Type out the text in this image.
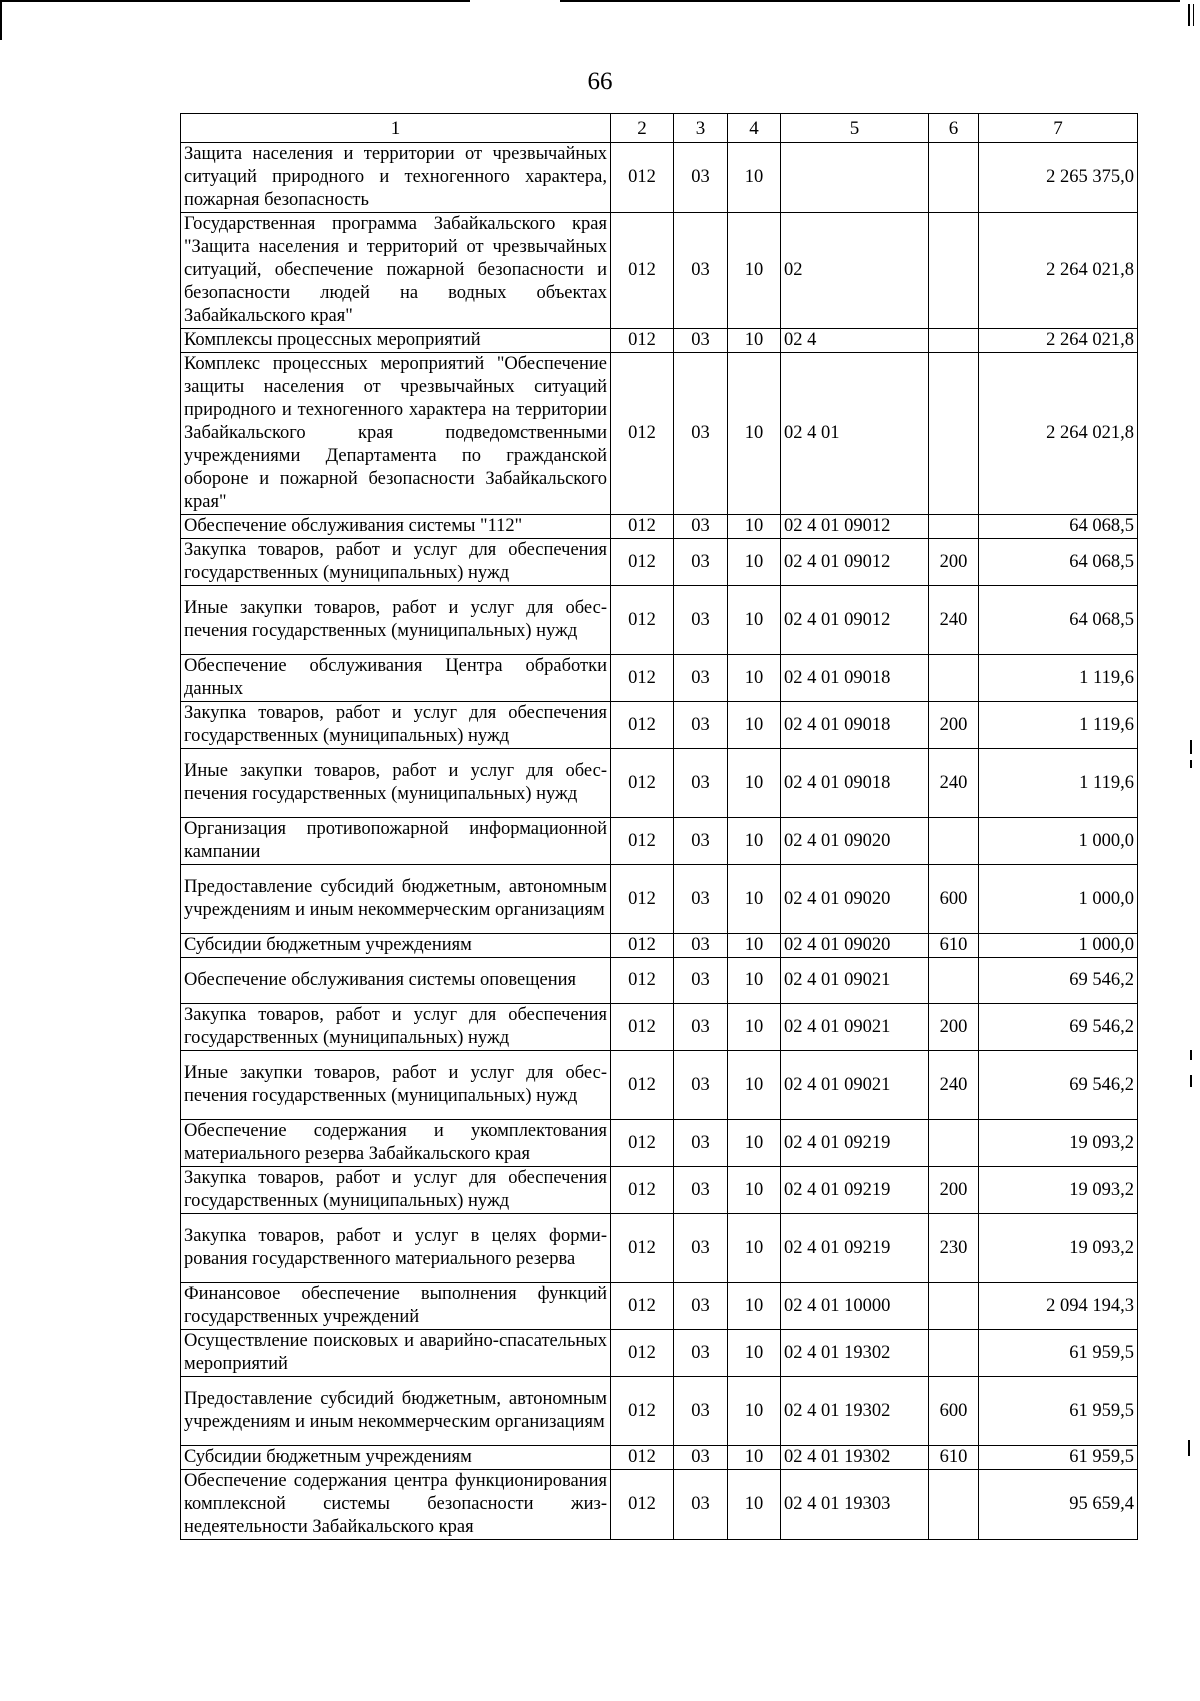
66
1	2	3	4	5	6	7
Защита населения и территории от чрезвычайных ситуаций природного и техногенного характера, пожарная безопасность	012	03	10			2 265 375,0
Государственная программа Забайкальского края "Защита населения и территорий от чрезвычайных ситуаций, обеспечение пожарной безопасности и безопасности людей на водных объектах Забайкальского края"	012	03	10	02		2 264 021,8
Комплексы процессных мероприятий	012	03	10	02 4		2 264 021,8
Комплекс процессных мероприятий "Обеспечение защиты населения от чрезвычайных ситуаций природного и техногенного характера на территории Забайкальского края подведомственными учреждениями Департамента по гражданской обороне и пожарной безопасности Забайкальского края"	012	03	10	02 4 01		2 264 021,8
Обеспечение обслуживания системы "112"	012	03	10	02 4 01 09012		64 068,5
Закупка товаров, работ и услуг для обеспечения государственных (муниципальных) нужд	012	03	10	02 4 01 09012	200	64 068,5
Иные закупки товаров, работ и услуг для обеспечения государственных (муниципальных) нужд	012	03	10	02 4 01 09012	240	64 068,5
Обеспечение обслуживания Центра обработки данных	012	03	10	02 4 01 09018		1 119,6
Закупка товаров, работ и услуг для обеспечения государственных (муниципальных) нужд	012	03	10	02 4 01 09018	200	1 119,6
Иные закупки товаров, работ и услуг для обеспечения государственных (муниципальных) нужд	012	03	10	02 4 01 09018	240	1 119,6
Организация противопожарной информационной кампании	012	03	10	02 4 01 09020		1 000,0
Предоставление субсидий бюджетным, автономным учреждениям и иным некоммерческим организациям	012	03	10	02 4 01 09020	600	1 000,0
Субсидии бюджетным учреждениям	012	03	10	02 4 01 09020	610	1 000,0
Обеспечение обслуживания системы оповещения	012	03	10	02 4 01 09021		69 546,2
Закупка товаров, работ и услуг для обеспечения государственных (муниципальных) нужд	012	03	10	02 4 01 09021	200	69 546,2
Иные закупки товаров, работ и услуг для обеспечения государственных (муниципальных) нужд	012	03	10	02 4 01 09021	240	69 546,2
Обеспечение содержания и укомплектования материального резерва Забайкальского края	012	03	10	02 4 01 09219		19 093,2
Закупка товаров, работ и услуг для обеспечения государственных (муниципальных) нужд	012	03	10	02 4 01 09219	200	19 093,2
Закупка товаров, работ и услуг в целях формирования государственного материального резерва	012	03	10	02 4 01 09219	230	19 093,2
Финансовое обеспечение выполнения функций государственных учреждений	012	03	10	02 4 01 10000		2 094 194,3
Осуществление поисковых и аварийно-спасательных мероприятий	012	03	10	02 4 01 19302		61 959,5
Предоставление субсидий бюджетным, автономным учреждениям и иным некоммерческим организациям	012	03	10	02 4 01 19302	600	61 959,5
Субсидии бюджетным учреждениям	012	03	10	02 4 01 19302	610	61 959,5
Обеспечение содержания центра функционирования комплексной системы безопасности жизнедеятельности Забайкальского края	012	03	10	02 4 01 19303		95 659,4
